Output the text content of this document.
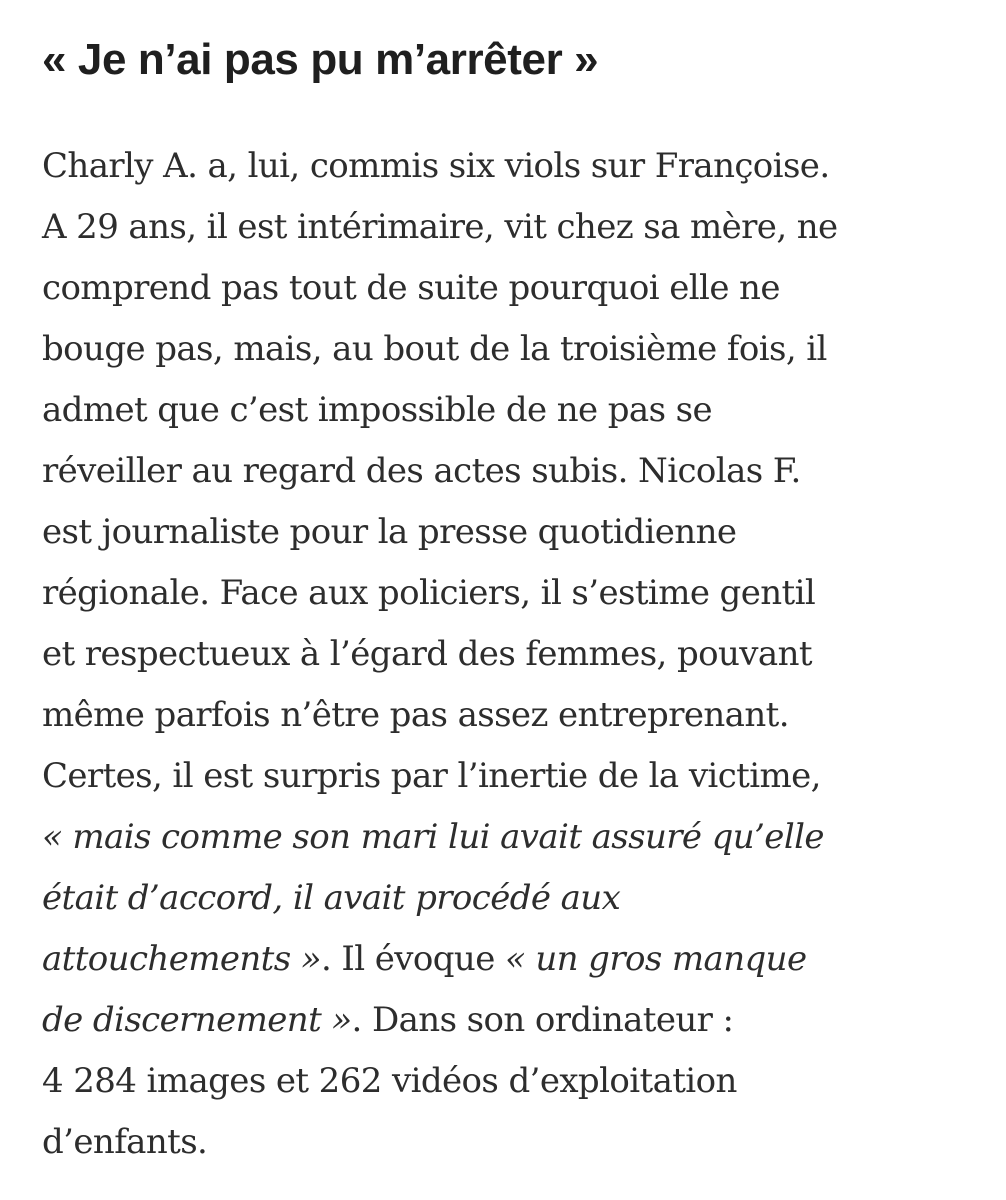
« Je n’ai pas pu m’arrêter »

Charly A. a, lui, commis six viols sur Françoise.
A 29 ans, il est intérimaire, vit chez sa mère, ne
comprend pas tout de suite pourquoi elle ne
bouge pas, mais, au bout de la troisième fois, il
admet que c’est impossible de ne pas se
réveiller au regard des actes subis. Nicolas F.
est journaliste pour la presse quotidienne
régionale. Face aux policiers, il s’estime gentil
et respectueux à l’égard des femmes, pouvant
même parfois n’être pas assez entreprenant.
Certes, il est surpris par l’inertie de la victime,
« mais comme son mari lui avait assuré qu’elle
était d’accord, il avait procédé aux
attouchements ». Il évoque « un gros manque
de discernement ». Dans son ordinateur :
4 284 images et 262 vidéos d’exploitation
d’enfants.
